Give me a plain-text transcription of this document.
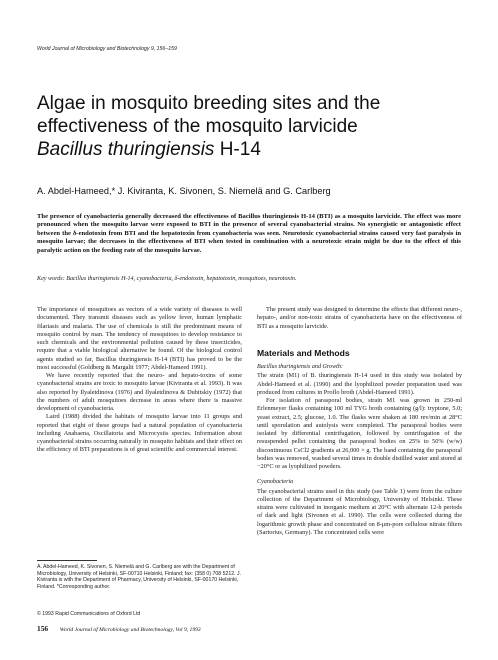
World Journal of Microbiology and Biotechnology 9, 156–159
Algae in mosquito breeding sites and the
effectiveness of the mosquito larvicide
Bacillus thuringiensis H-14
A. Abdel-Hameed,* J. Kiviranta, K. Sivonen, S. Niemelä and G. Carlberg
The presence of cyanobacteria generally decreased the effectiveness of Bacillus thuringiensis H-14 (BTI) as a mosquito larvicide. The effect was more pronounced when the mosquito larvae were exposed to BTI in the presence of several cyanobacterial strains. No synergistic or antagonistic effect between the δ-endotoxin from BTI and the hepatotoxin from cyanobacteria was seen. Neurotoxic cyanobacterial strains caused very fast paralysis in mosquito larvae; the decreases in the effectiveness of BTI when tested in combination with a neurotoxic strain might be due to the effect of this paralytic action on the feeding rate of the mosquito larvae.
Key words: Bacillus thuringiensis H-14, cyanobacteria, δ-endotoxin, hepatotoxin, mosquitoes, neurotoxin.

The importance of mosquitoes as vectors of a wide variety of diseases is well documented. They transmit diseases such as yellow fever, human lymphatic filariasis and malaria. The use of chemicals is still the predominant means of mosquito control by man. The tendency of mosquitoes to develop resistance to such chemicals and the environmental pollution caused by these insecticides, require that a viable biological alternative be found. Of the biological control agents studied so far, Bacillus thuringiensis H-14 (BTI) has proved to be the most successful (Goldberg & Margalit 1977; Abdel-Hameed 1991).

We have recently reported that the neuro- and hepato-toxins of some cyanobacterial strains are toxic to mosquito larvae (Kiviranta et al. 1993). It was also reported by Ilyaletdinova (1976) and Ilyaletdinova & Dubitskiy (1972) that the numbers of adult mosquitoes decrease in areas where there is massive development of cyanobacteria.

Laird (1988) divided the habitats of mosquito larvae into 11 groups and reported that eight of these groups had a natural population of cyanobacteria including Anabaena, Oscillatoria and Microcystis species. Information about cyanobacterial strains occurring naturally in mosquito habitats and their effect on the efficiency of BTI preparations is of great scientific and commercial interest.

The present study was designed to determine the effects that different neuro-, hepato-, and/or non-toxic strains of cyanobacteria have on the effectiveness of BTI as a mosquito larvicide.

Materials and Methods
Bacillus thuringiensis and Growth:

The strain (M1) of B. thuringiensis H-14 used in this study was isolated by Abdel-Hameed et al. (1990) and the lyophilized powder preparation used was produced from cultures in Proflo broth (Abdel-Hameed 1991).

For isolation of parasporal bodies, strain M1 was grown in 250-ml Erlenmeyer flasks containing 100 ml TYG broth containing (g/l): tryptone, 5.0; yeast extract, 2.5; glucose, 1.0. The flasks were shaken at 180 rev/min at 28°C until sporulation and autolysis were completed. The parasporal bodies were isolated by differential centrifugation, followed by centrifugation of the resuspended pellet containing the parasporal bodies on 25% to 50% (w/w) discontinuous CsCl2 gradients at 26,000 × g. The band containing the parasporal bodies was removed, washed several times in double distilled water and stored at −20°C or as lyophilized powders.

Cyanobacteria

The cyanobacterial strains used in this study (see Table 1) were from the culture collection of the Department of Microbiology, University of Helsinki. These strains were cultivated in inorganic medium at 20°C with alternate 12-h periods of dark and light (Sivonen et al. 1990). The cells were collected during the logarithmic growth phase and concentrated on 8-μm-pore cellulose nitrate filters (Sartorius, Germany). The concentrated cells were

A. Abdel-Hameed, K. Sivonen, S. Niemelä and G. Carlberg are with the Department of Microbiology, University of Helsinki, SF-00710 Helsinki, Finland; fax: (358 0) 708 5212. J. Kiviranta is with the Department of Pharmacy, University of Helsinki, SF-00170 Helsinki, Finland. *Corresponding author.
© 1993 Rapid Communications of Oxford Ltd
156 World Journal of Microbiology and Biotechnology, Vol 9, 1993
